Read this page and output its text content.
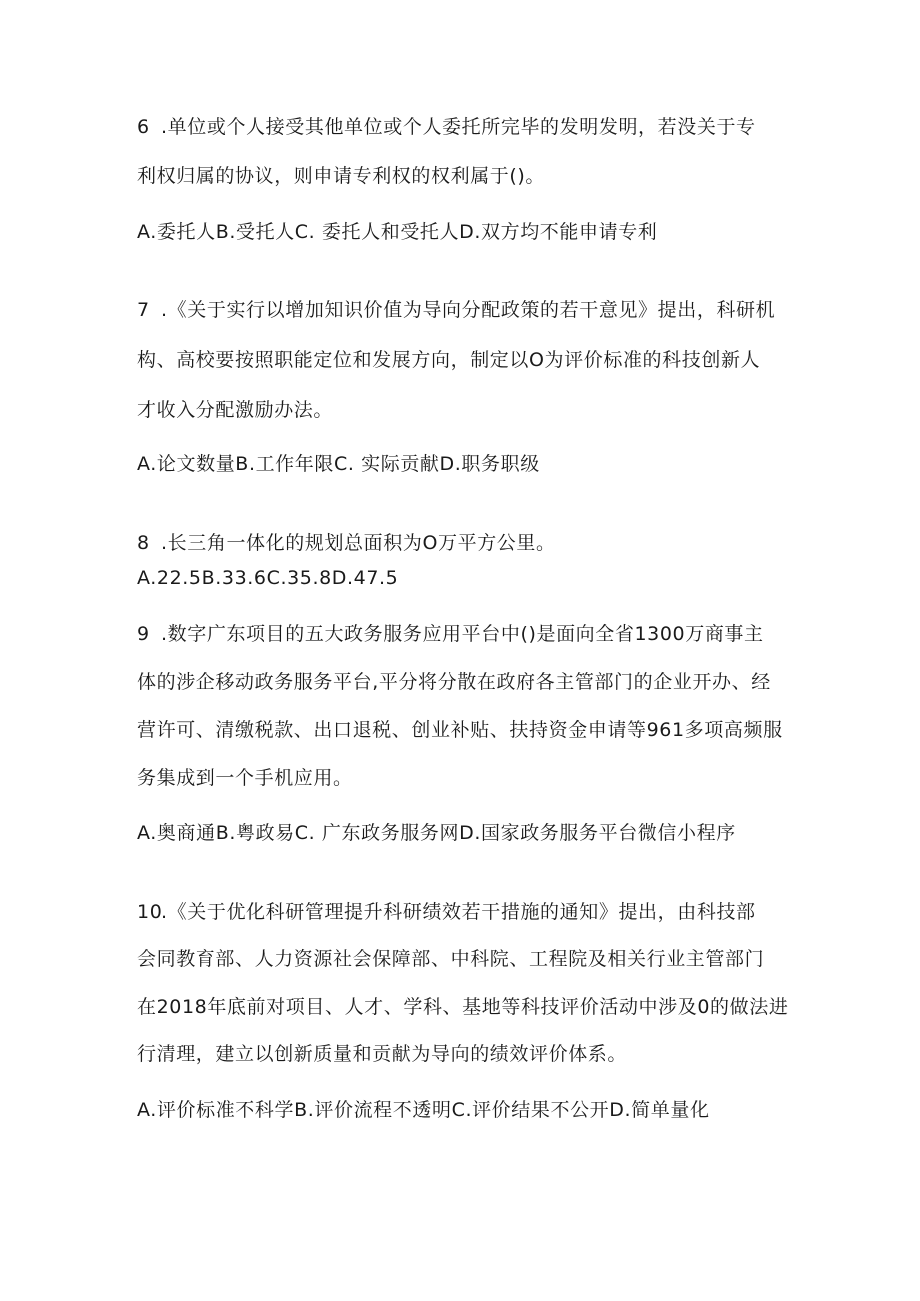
6 .单位或个人接受其他单位或个人委托所完毕的发明发明，若没关于专
利权归属的协议，则申请专利权的权利属于()。
A.委托人B.受托人C. 委托人和受托人D.双方均不能申请专利
7 .《关于实行以增加知识价值为导向分配政策的若干意见》提出，科研机
构、高校要按照职能定位和发展方向，制定以O为评价标准的科技创新人
才收入分配激励办法。
A.论文数量B.工作年限C. 实际贡献D.职务职级
8 .长三角一体化的规划总面积为O万平方公里。
A.22.5B.33.6C.35.8D.47.5
9 .数字广东项目的五大政务服务应用平台中()是面向全省1300万商事主
体的涉企移动政务服务平台,平分将分散在政府各主管部门的企业开办、经
营许可、清缴税款、出口退税、创业补贴、扶持资金申请等961多项高频服
务集成到一个手机应用。
A.奥商通B.粤政易C. 广东政务服务网D.国家政务服务平台微信小程序
10.《关于优化科研管理提升科研绩效若干措施的通知》提出，由科技部
会同教育部、人力资源社会保障部、中科院、工程院及相关行业主管部门
在2018年底前对项目、人才、学科、基地等科技评价活动中涉及0的做法进
行清理，建立以创新质量和贡献为导向的绩效评价体系。
A.评价标准不科学B.评价流程不透明C.评价结果不公开D.简单量化
